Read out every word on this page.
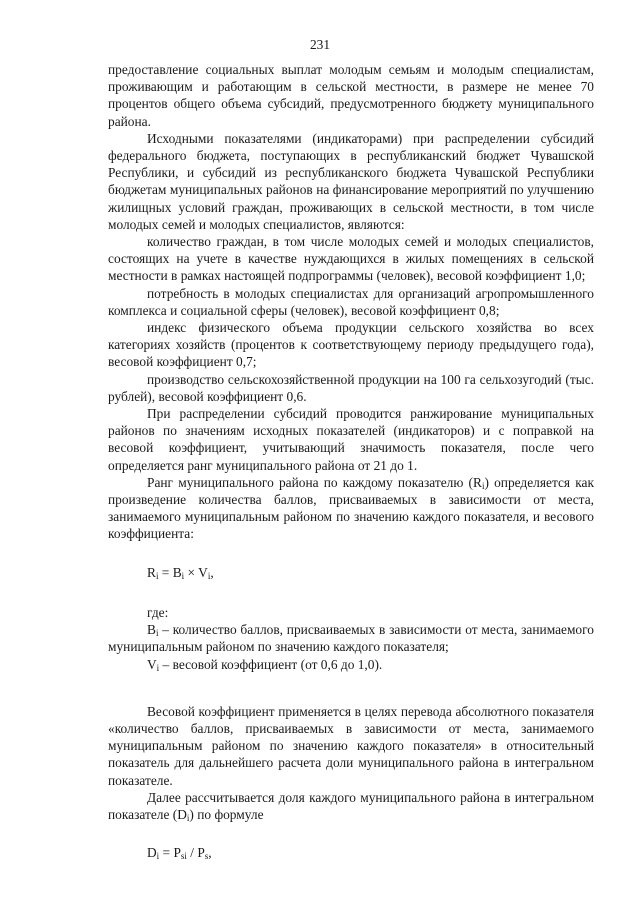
231

предоставление социальных выплат молодым семьям и молодым специалистам, проживающим и работающим в сельской местности, в размере не менее 70 процентов общего объема субсидий, предусмотренного бюджету муниципального района.

Исходными показателями (индикаторами) при распределении субсидий федерального бюджета, поступающих в республиканский бюджет Чувашской Республики, и субсидий из республиканского бюджета Чувашской Республики бюджетам муниципальных районов на финансирование мероприятий по улучшению жилищных условий граждан, проживающих в сельской местности, в том числе молодых семей и молодых специалистов, являются:

количество граждан, в том числе молодых семей и молодых специалистов, состоящих на учете в качестве нуждающихся в жилых помещениях в сельской местности в рамках настоящей подпрограммы (человек), весовой коэффициент 1,0;

потребность в молодых специалистах для организаций агропромышленного комплекса и социальной сферы (человек), весовой коэффициент 0,8;

индекс физического объема продукции сельского хозяйства во всех категориях хозяйств (процентов к соответствующему периоду предыдущего года), весовой коэффициент 0,7;

производство сельскохозяйственной продукции на 100 га сельхозугодий (тыс. рублей), весовой коэффициент 0,6.

При распределении субсидий проводится ранжирование муниципальных районов по значениям исходных показателей (индикаторов) и с поправкой на весовой коэффициент, учитывающий значимость показателя, после чего определяется ранг муниципального района от 21 до 1.

Ранг муниципального района по каждому показателю $(R_i)$ определяется как произведение количества баллов, присваиваемых в зависимости от места, занимаемого муниципальным районом по значению каждого показателя, и весового коэффициента:

$R_i = B_i \times V_i$,

где:

$B_i$ – количество баллов, присваиваемых в зависимости от места, занимаемого муниципальным районом по значению каждого показателя;

$V_i$ – весовой коэффициент (от 0,6 до 1,0).

Весовой коэффициент применяется в целях перевода абсолютного показателя «количество баллов, присваиваемых в зависимости от места, занимаемого муниципальным районом по значению каждого показателя» в относительный показатель для дальнейшего расчета доли муниципального района в интегральном показателе.

Далее рассчитывается доля каждого муниципального района в интегральном показателе $(D_i)$ по формуле

$D_i = P_{si} / P_s$,
